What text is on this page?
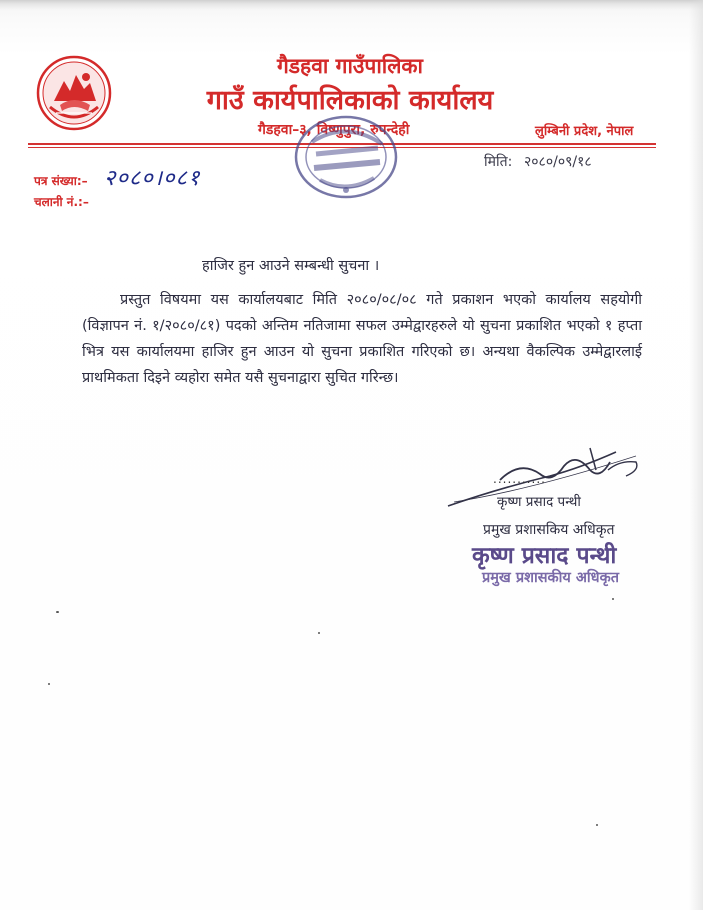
गैडहवा गाउँपालिका
गाउँ कार्यपालिकाको कार्यालय
गैडहवा–३, विष्णुपुरा, रुपन्देही	लुम्बिनी प्रदेश, नेपाल
पत्र संख्या:– २०८०।०८१
चलानी नं.:–
मिति: २०८०/०९/१८
हाजिर हुन आउने सम्बन्धी सुचना ।
प्रस्तुत विषयमा यस कार्यालयबाट मिति २०८०/०८/०८ गते प्रकाशन भएको कार्यालय सहयोगी (विज्ञापन नं. १/२०८०/८१) पदको अन्तिम नतिजामा सफल उम्मेद्वारहरुले यो सुचना प्रकाशित भएको १ हप्ता भित्र यस कार्यालयमा हाजिर हुन आउन यो सुचना प्रकाशित गरिएको छ। अन्यथा वैकल्पिक उम्मेद्वारलाई प्राथमिकता दिइने व्यहोरा समेत यसै सुचनाद्वारा सुचित गरिन्छ।
...........
कृष्ण प्रसाद पन्थी
प्रमुख प्रशासकिय अधिकृत
कृष्ण प्रसाद पन्थी
प्रमुख प्रशासकीय अधिकृत
